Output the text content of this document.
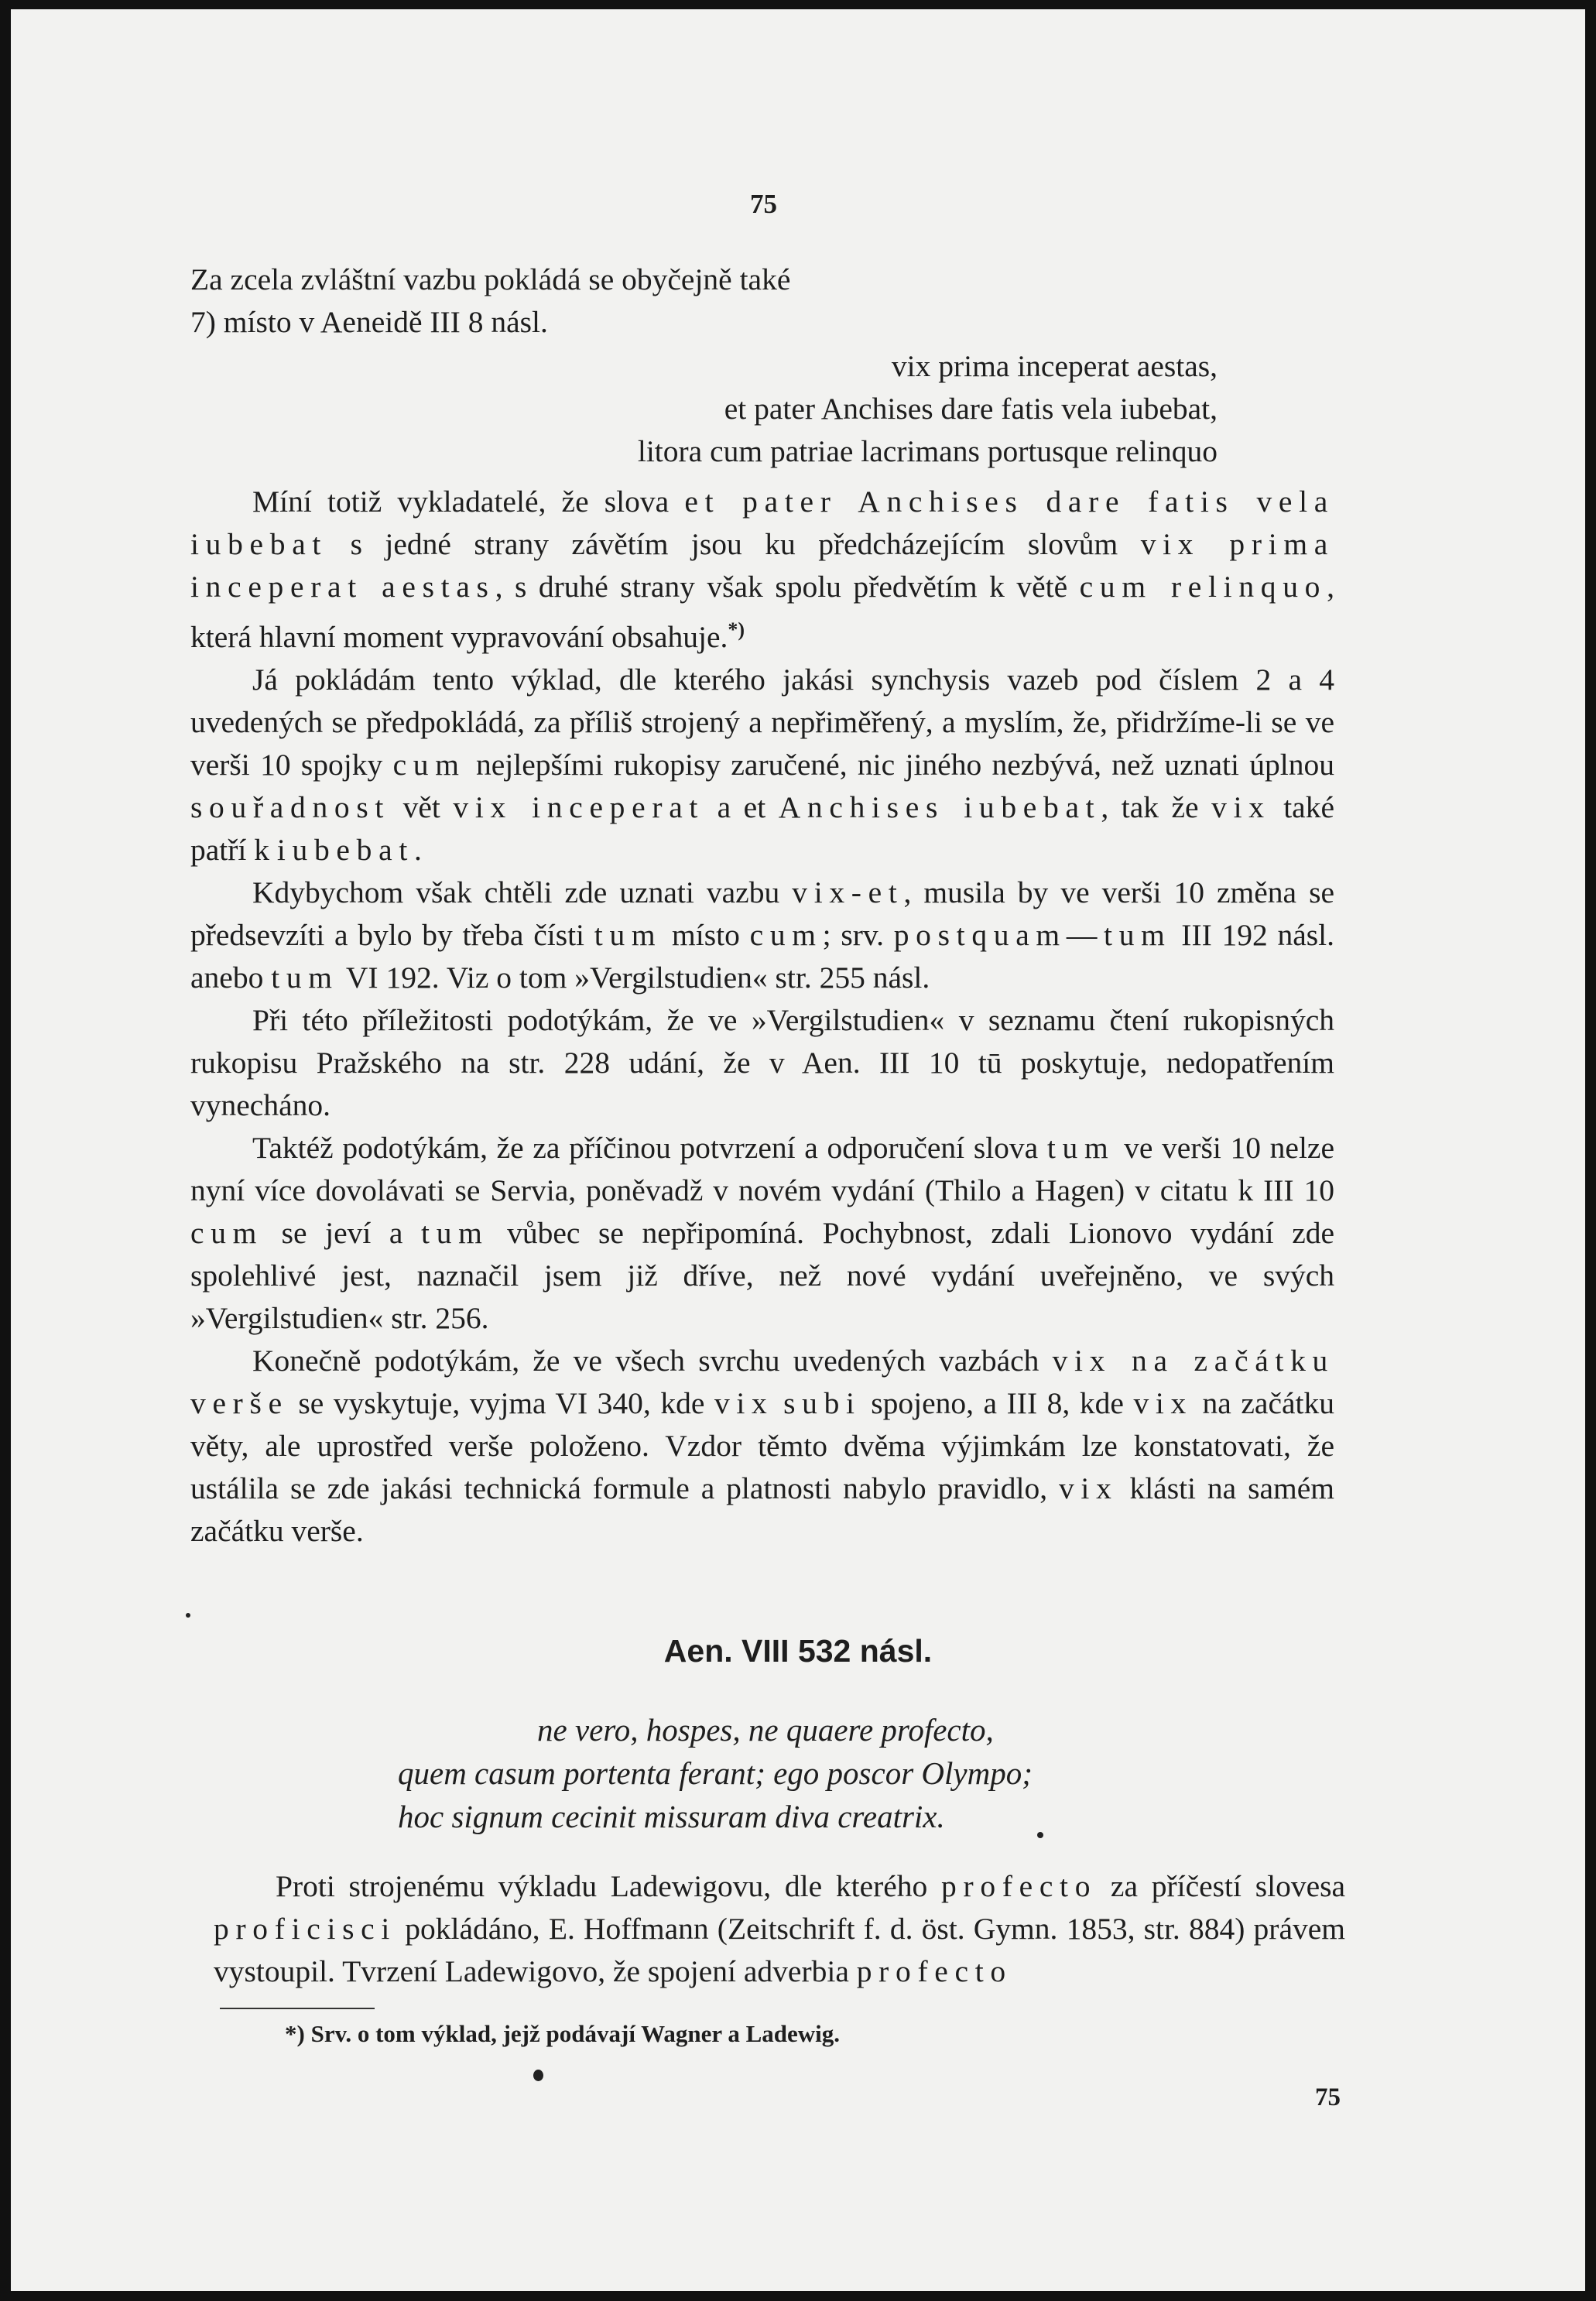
75

Za zcela zvláštní vazbu pokládá se obyčejně také

7) místo v Aeneidě III 8 násl.

vix prima inceperat aestas,
et pater Anchises dare fatis vela iubebat,
litora cum patriae lacrimans portusque relinquo

Míní totiž vykladatelé, že slova et pater Anchises dare fatis vela iubebat s jedné strany závětím jsou ku předcházejícím slovům vix prima inceperat aestas, s druhé strany však spolu předvětím k větě cum relinquo, která hlavní moment vypravování obsahuje.*)

Já pokládám tento výklad, dle kterého jakási synchysis vazeb pod číslem 2 a 4 uvedených se předpokládá, za příliš strojený a nepřiměřený, a myslím, že, přidržíme-li se ve verši 10 spojky cum nejlepšími rukopisy zaručené, nic jiného nezbývá, než uznati úplnou souřadnost vět vix inceperat a et Anchises iubebat, tak že vix také patří k iubebat.

Kdybychom však chtěli zde uznati vazbu vix-et, musila by ve verši 10 změna se předsevzíti a bylo by třeba čísti tum místo cum; srv. postquam—tum III 192 násl. anebo tum VI 192. Viz o tom »Vergilstudien« str. 255 násl.

Při této příležitosti podotýkám, že ve »Vergilstudien« v seznamu čtení rukopisných rukopisu Pražského na str. 228 udání, že v Aen. III 10 tū poskytuje, nedopatřením vynecháno.

Taktéž podotýkám, že za příčinou potvrzení a odporučení slova tum ve verši 10 nelze nyní více dovolávati se Servia, poněvadž v novém vydání (Thilo a Hagen) v citatu k III 10 cum se jeví a tum vůbec se nepřipomíná. Pochybnost, zdali Lionovo vydání zde spolehlivé jest, naznačil jsem již dříve, než nové vydání uveřejněno, ve svých »Vergilstudien« str. 256.

Konečně podotýkám, že ve všech svrchu uvedených vazbách vix na začátku verše se vyskytuje, vyjma VI 340, kde vix subi spojeno, a III 8, kde vix na začátku věty, ale uprostřed verše položeno. Vzdor těmto dvěma výjimkám lze konstatovati, že ustálila se zde jakási technická formule a platnosti nabylo pravidlo, vix klásti na samém začátku verše.

Aen. VIII 532 násl.
ne vero, hospes, ne quaere profecto,
quem casum portenta ferant; ego poscor Olympo;
hoc signum cecinit missuram diva creatrix.

Proti strojenému výkladu Ladewigovu, dle kterého profecto za příčestí slovesa proficisci pokládáno, E. Hoffmann (Zeitschrift f. d. öst. Gymn. 1853, str. 884) právem vystoupil. Tvrzení Ladewigovo, že spojení adverbia profecto

*) Srv. o tom výklad, jejž podávají Wagner a Ladewig.
75
